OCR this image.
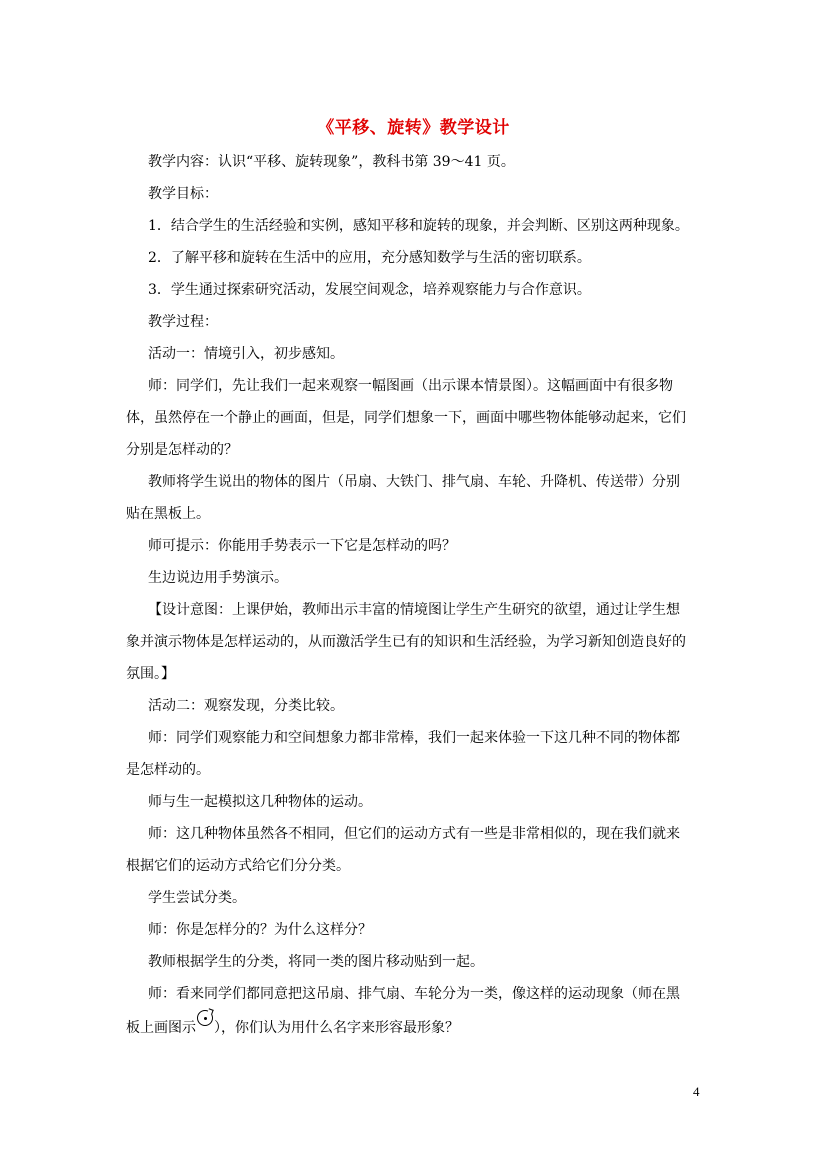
《平移、旋转》教学设计

教学内容：认识“平移、旋转现象”，教科书第 39～41 页。

教学目标：

1．结合学生的生活经验和实例，感知平移和旋转的现象，并会判断、区别这两种现象。

2．了解平移和旋转在生活中的应用，充分感知数学与生活的密切联系。

3．学生通过探索研究活动，发展空间观念，培养观察能力与合作意识。

教学过程：

活动一：情境引入，初步感知。

师：同学们，先让我们一起来观察一幅图画（出示课本情景图）。这幅画面中有很多物

体，虽然停在一个静止的画面，但是，同学们想象一下，画面中哪些物体能够动起来，它们

分别是怎样动的？

教师将学生说出的物体的图片（吊扇、大铁门、排气扇、车轮、升降机、传送带）分别

贴在黑板上。

师可提示：你能用手势表示一下它是怎样动的吗？

生边说边用手势演示。

【设计意图：上课伊始，教师出示丰富的情境图让学生产生研究的欲望，通过让学生想

象并演示物体是怎样运动的，从而激活学生已有的知识和生活经验，为学习新知创造良好的

氛围。】

活动二：观察发现，分类比较。

师：同学们观察能力和空间想象力都非常棒，我们一起来体验一下这几种不同的物体都

是怎样动的。

师与生一起模拟这几种物体的运动。

师：这几种物体虽然各不相同，但它们的运动方式有一些是非常相似的，现在我们就来

根据它们的运动方式给它们分分类。

学生尝试分类。

师：你是怎样分的？为什么这样分？

教师根据学生的分类，将同一类的图片移动贴到一起。

师：看来同学们都同意把这吊扇、排气扇、车轮分为一类，像这样的运动现象（师在黑

板上画图示 ），你们认为用什么名字来形容最形象？

4
